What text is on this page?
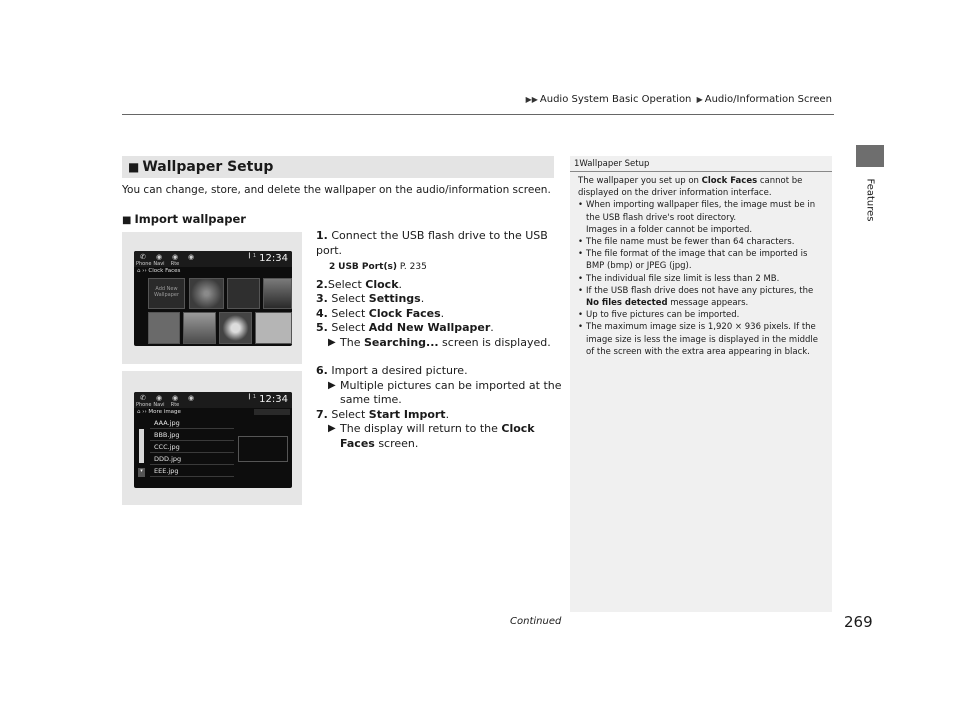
▶▶ Audio System Basic Operation ▶ Audio/Information Screen
Features
■ Wallpaper Setup
You can change, store, and delete the wallpaper on the audio/information screen.
■ Import wallpaper
✆
Phone
◉
Navi
◉
Rte
◉	▎1 12:34
⌂ ›› Clock Faces
Add New Wallpaper
✆
Phone
◉
Navi
◉
Rte
◉	▎1 12:34
⌂ ›› More image
▾
AAA.jpg
BBB.jpg
CCC.jpg
DDD.jpg
EEE.jpg
1. Connect the USB flash drive to the USB port.
2 USB Port(s) P. 235
2.Select Clock.
3. Select Settings.
4. Select Clock Faces.
5. Select Add New Wallpaper.
▶ The Searching... screen is displayed.
6. Import a desired picture.
▶ Multiple pictures can be imported at the same time.
7. Select Start Import.
▶ The display will return to the Clock Faces screen.
1Wallpaper Setup
The wallpaper you set up on Clock Faces cannot be displayed on the driver information interface.
• When importing wallpaper files, the image must be in the USB flash drive's root directory.
Images in a folder cannot be imported.
• The file name must be fewer than 64 characters.
• The file format of the image that can be imported is BMP (bmp) or JPEG (jpg).
• The individual file size limit is less than 2 MB.
• If the USB flash drive does not have any pictures, the No files detected message appears.
• Up to five pictures can be imported.
• The maximum image size is 1,920 × 936 pixels. If the image size is less the image is displayed in the middle of the screen with the extra area appearing in black.
Continued	269
